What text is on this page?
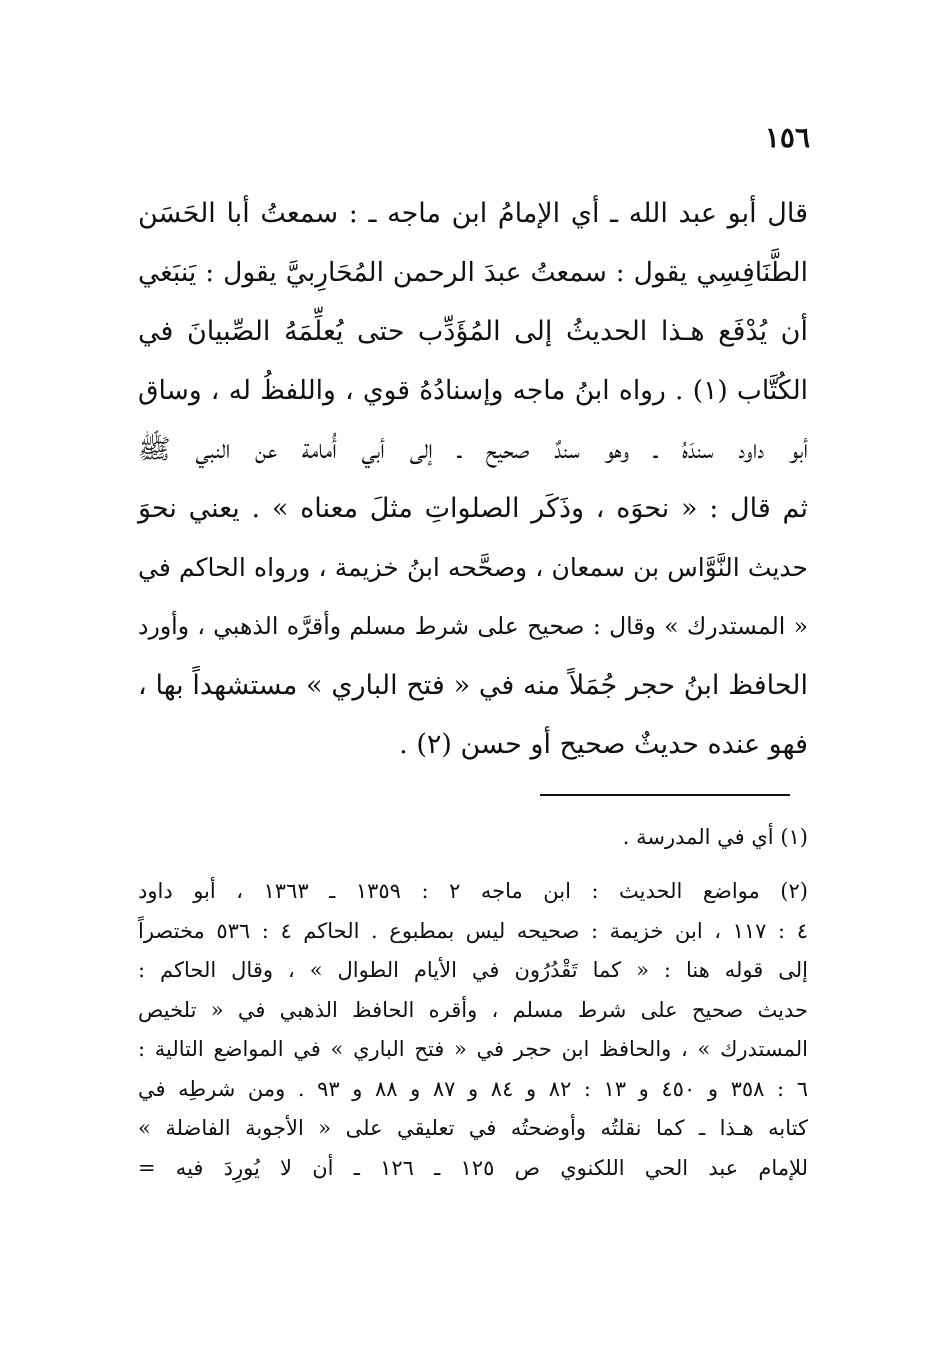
١٥٦
قال أبو عبد الله ـ أي الإمامُ ابن ماجه ـ : سمعتُ أبا الحَسَن
الطَّنَافِسِي يقول : سمعتُ عبدَ الرحمن المُحَارِبيَّ يقول : يَنبَغي
أن يُدْفَع هـذا الحديثُ إلى المُؤَدِّب حتى يُعلِّمَهُ الصِّبيانَ في
الكُتَّاب (١) . رواه ابنُ ماجه وإسنادُهُ قوي ، واللفظُ له ، وساق
أبو داود سندَهُ ـ وهو سندٌ صحيح ـ إلى أبي أُمامة عن النبي ﷺ
ثم قال : « نحوَه ، وذَكَر الصلواتِ مثلَ معناه » . يعني نحوَ
حديث النَّوَّاس بن سمعان ، وصحَّحه ابنُ خزيمة ، ورواه الحاكم في
« المستدرك » وقال : صحيح على شرط مسلم وأقرَّه الذهبي ، وأورد
الحافظ ابنُ حجر جُمَلاً منه في « فتح الباري » مستشهداً بها ،
فهو عنده حديثٌ صحيح أو حسن (٢) .
(١) أي في المدرسة .
(٢) مواضع الحديث : ابن ماجه ٢ : ١٣٥٩ ـ ١٣٦٣ ، أبو داود
٤ : ١١٧ ، ابن خزيمة : صحيحه ليس بمطبوع . الحاكم ٤ : ٥٣٦ مختصراً
إلى قوله هنا : « كما تَقْدُرُون في الأيام الطوال » ، وقال الحاكم :
حديث صحيح على شرط مسلم ، وأقره الحافظ الذهبي في « تلخيص
المستدرك » ، والحافظ ابن حجر في « فتح الباري » في المواضع التالية :
٦ : ٣٥٨ و ٤٥٠ و ١٣ : ٨٢ و ٨٤ و ٨٧ و ٨٨ و ٩٣ . ومن شرطِه في
كتابه هـذا ـ كما نقلتُه وأوضحتُه في تعليقي على « الأجوبة الفاضلة »
للإمام عبد الحي اللكنوي ص ١٢٥ ـ ١٢٦ ـ أن لا يُورِدَ فيه =
